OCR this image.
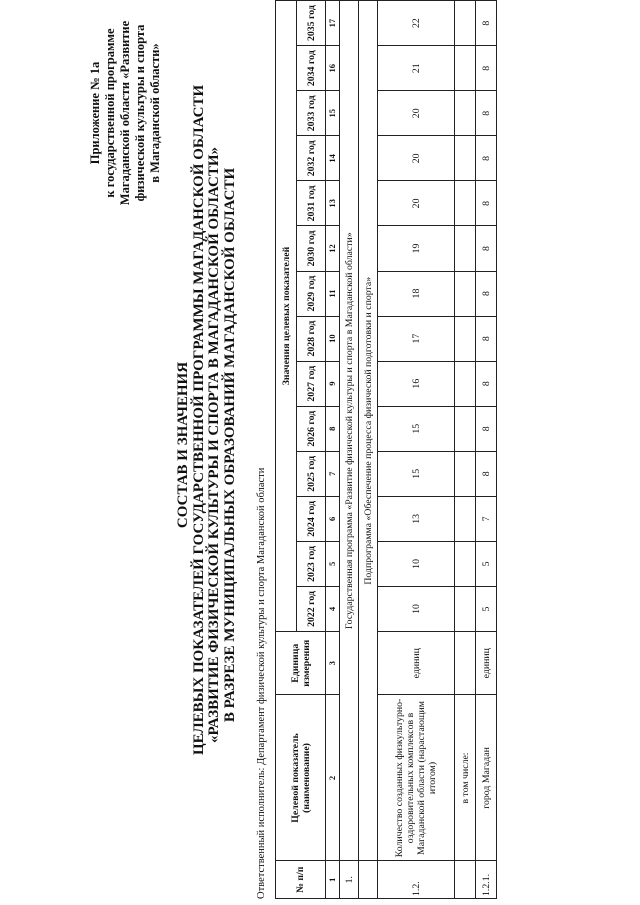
Приложение № 1а к государственной программе Магаданской области «Развитие физической культуры и спорта в Магаданской области»
СОСТАВ И ЗНАЧЕНИЯ ЦЕЛЕВЫХ ПОКАЗАТЕЛЕЙ ГОСУДАРСТВЕННОЙ ПРОГРАММЫ МАГАДАНСКОЙ ОБЛАСТИ «РАЗВИТИЕ ФИЗИЧЕСКОЙ КУЛЬТУРЫ И СПОРТА В МАГАДАНСКОЙ ОБЛАСТИ» В РАЗРЕЗЕ МУНИЦИПАЛЬНЫХ ОБРАЗОВАНИЙ МАГАДАНСКОЙ ОБЛАСТИ Ответственный исполнитель: Департамент физической культуры и спорта Магаданской области	№ п/п	Целевой показатель (наименование)	Единица измерения	Значения целевых показателей													
			2022 год	2023 год	2024 год	2025 год	2026 год	2027 год	2028 год	2029 год	2030 год	2031 год	2032 год	2033 год	2034 год	2035 год
1	2	3	4	5	6	7	8	9	10	11	12	13	14	15	16	17
1.	Государственная программа «Развитие физической культуры и спорта в Магаданской области»															
	Подпрограмма «Обеспечение процесса физической подготовки и спорта»															
1.2.	Количество созданных физкультурно-оздоровительных комплексов в Магаданской области (нарастающим итогом)	единиц	10	10	13	15	15	16	17	18	19	20	20	20	21	22
	в том числе:															
1.2.1.	город Магадан	единиц	5	5	7	8	8	8	8	8	8	8	8	8	8	8
